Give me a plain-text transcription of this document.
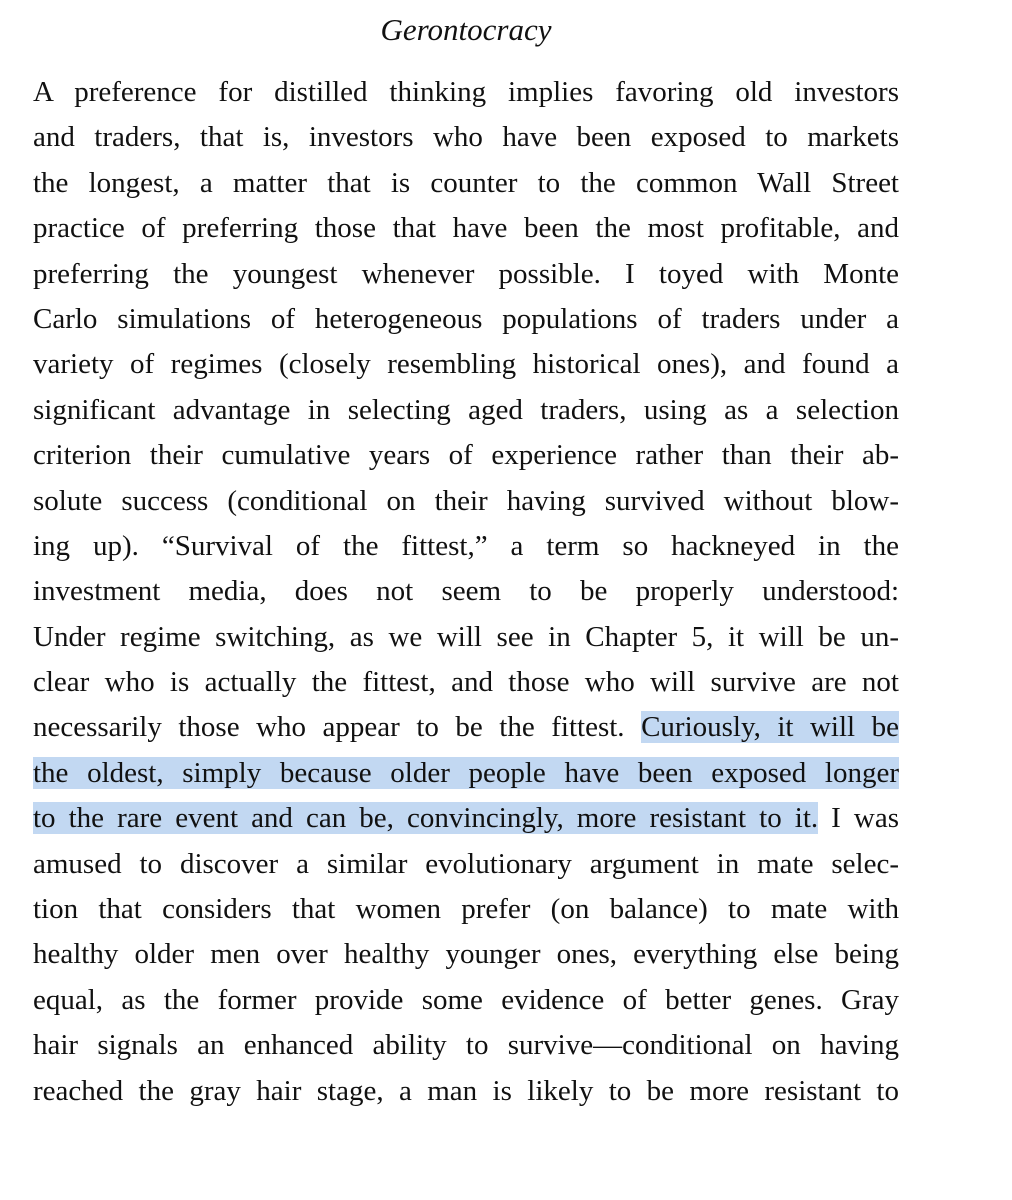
Gerontocracy
A preference for distilled thinking implies favoring old investors
and traders, that is, investors who have been exposed to markets
the longest, a matter that is counter to the common Wall Street
practice of preferring those that have been the most profitable, and
preferring the youngest whenever possible. I toyed with Monte
Carlo simulations of heterogeneous populations of traders under a
variety of regimes (closely resembling historical ones), and found a
significant advantage in selecting aged traders, using as a selection
criterion their cumulative years of experience rather than their ab-
solute success (conditional on their having survived without blow-
ing up). “Survival of the fittest,” a term so hackneyed in the
investment media, does not seem to be properly understood:
Under regime switching, as we will see in Chapter 5, it will be un-
clear who is actually the fittest, and those who will survive are not
necessarily those who appear to be the fittest. Curiously, it will be
the oldest, simply because older people have been exposed longer
to the rare event and can be, convincingly, more resistant to it. I was
amused to discover a similar evolutionary argument in mate selec-
tion that considers that women prefer (on balance) to mate with
healthy older men over healthy younger ones, everything else being
equal, as the former provide some evidence of better genes. Gray
hair signals an enhanced ability to survive—conditional on having
reached the gray hair stage, a man is likely to be more resistant to
